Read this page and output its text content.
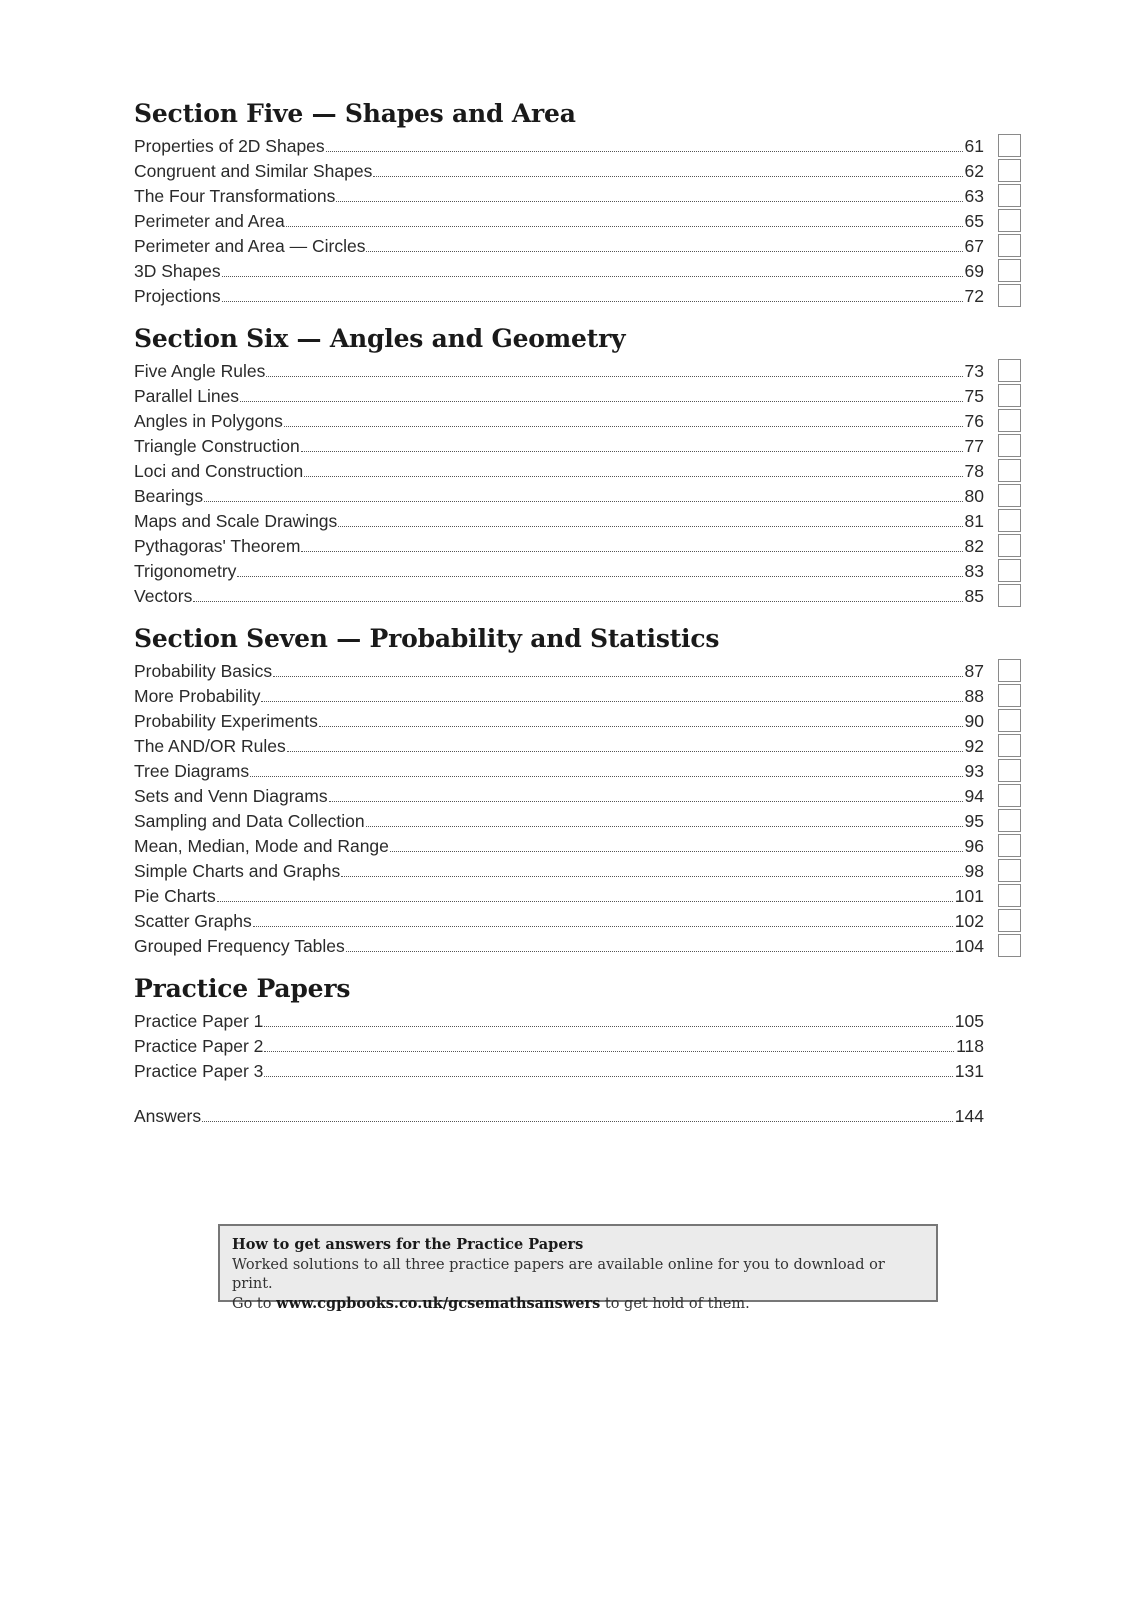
Section Five — Shapes and Area
Properties of 2D Shapes	61
Congruent and Similar Shapes	62
The Four Transformations	63
Perimeter and Area	65
Perimeter and Area — Circles	67
3D Shapes	69
Projections	72
Section Six — Angles and Geometry
Five Angle Rules	73
Parallel Lines	75
Angles in Polygons	76
Triangle Construction	77
Loci and Construction	78
Bearings	80
Maps and Scale Drawings	81
Pythagoras' Theorem	82
Trigonometry	83
Vectors	85
Section Seven — Probability and Statistics
Probability Basics	87
More Probability	88
Probability Experiments	90
The AND/OR Rules	92
Tree Diagrams	93
Sets and Venn Diagrams	94
Sampling and Data Collection	95
Mean, Median, Mode and Range	96
Simple Charts and Graphs	98
Pie Charts	101
Scatter Graphs	102
Grouped Frequency Tables	104
Practice Papers
Practice Paper 1	105
Practice Paper 2	118
Practice Paper 3	131
Answers	144
How to get answers for the Practice Papers
Worked solutions to all three practice papers are available online for you to download or print.
Go to www.cgpbooks.co.uk/gcsemathsanswers to get hold of them.
